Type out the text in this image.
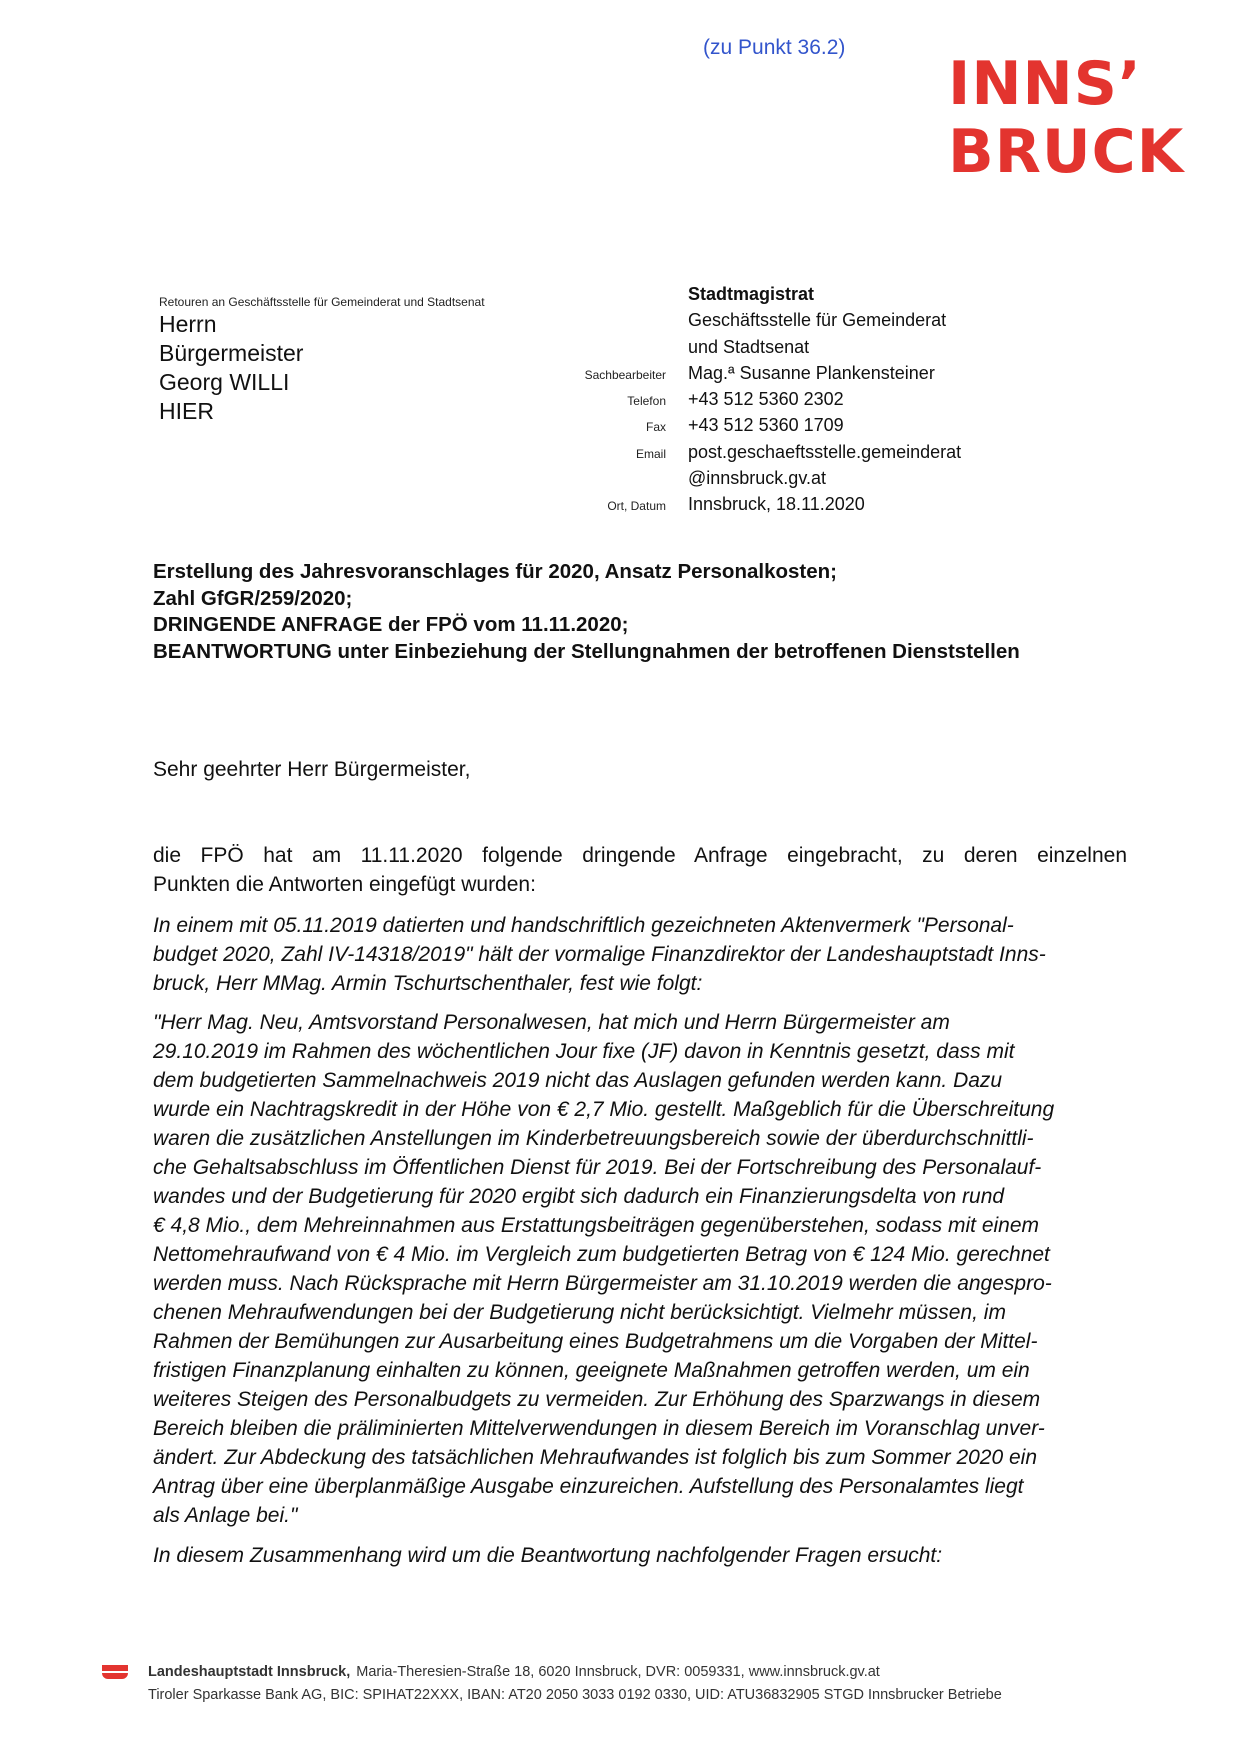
(zu Punkt 36.2)
INNS’
BRUCK
Retouren an Geschäftsstelle für Gemeinderat und Stadtsenat
Herrn
Bürgermeister
Georg WILLI
HIER
Stadtmagistrat
Geschäftsstelle für Gemeinderat
und Stadtsenat
Sachbearbeiter	Mag.ª Susanne Plankensteiner
Telefon	+43 512 5360 2302
Fax	+43 512 5360 1709
Email	post.geschaeftsstelle.gemeinderat
@innsbruck.gv.at
Ort, Datum	Innsbruck, 18.11.2020
Erstellung des Jahresvoranschlages für 2020, Ansatz Personalkosten;
Zahl GfGR/259/2020;
DRINGENDE ANFRAGE der FPÖ vom 11.11.2020;
BEANTWORTUNG unter Einbeziehung der Stellungnahmen der betroffenen Dienststellen
Sehr geehrter Herr Bürgermeister,
die FPÖ hat am 11.11.2020 folgende dringende Anfrage eingebracht, zu deren einzelnen
Punkten die Antworten eingefügt wurden:
In einem mit 05.11.2019 datierten und handschriftlich gezeichneten Aktenvermerk "Personal-
budget 2020, Zahl IV-14318/2019" hält der vormalige Finanzdirektor der Landeshauptstadt Inns-
bruck, Herr MMag. Armin Tschurtschenthaler, fest wie folgt:
"Herr Mag. Neu, Amtsvorstand Personalwesen, hat mich und Herrn Bürgermeister am
29.10.2019 im Rahmen des wöchentlichen Jour fixe (JF) davon in Kenntnis gesetzt, dass mit
dem budgetierten Sammelnachweis 2019 nicht das Auslagen gefunden werden kann. Dazu
wurde ein Nachtragskredit in der Höhe von € 2,7 Mio. gestellt. Maßgeblich für die Überschreitung
waren die zusätzlichen Anstellungen im Kinderbetreuungsbereich sowie der überdurchschnittli-
che Gehaltsabschluss im Öffentlichen Dienst für 2019. Bei der Fortschreibung des Personalauf-
wandes und der Budgetierung für 2020 ergibt sich dadurch ein Finanzierungsdelta von rund
€ 4,8 Mio., dem Mehreinnahmen aus Erstattungsbeiträgen gegenüberstehen, sodass mit einem
Nettomehraufwand von € 4 Mio. im Vergleich zum budgetierten Betrag von € 124 Mio. gerechnet
werden muss. Nach Rücksprache mit Herrn Bürgermeister am 31.10.2019 werden die angespro-
chenen Mehraufwendungen bei der Budgetierung nicht berücksichtigt. Vielmehr müssen, im
Rahmen der Bemühungen zur Ausarbeitung eines Budgetrahmens um die Vorgaben der Mittel-
fristigen Finanzplanung einhalten zu können, geeignete Maßnahmen getroffen werden, um ein
weiteres Steigen des Personalbudgets zu vermeiden. Zur Erhöhung des Sparzwangs in diesem
Bereich bleiben die präliminierten Mittelverwendungen in diesem Bereich im Voranschlag unver-
ändert. Zur Abdeckung des tatsächlichen Mehraufwandes ist folglich bis zum Sommer 2020 ein
Antrag über eine überplanmäßige Ausgabe einzureichen. Aufstellung des Personalamtes liegt
als Anlage bei."
In diesem Zusammenhang wird um die Beantwortung nachfolgender Fragen ersucht:
Landeshauptstadt Innsbruck, Maria-Theresien-Straße 18, 6020 Innsbruck, DVR: 0059331, www.innsbruck.gv.at
Tiroler Sparkasse Bank AG, BIC: SPIHAT22XXX, IBAN: AT20 2050 3033 0192 0330, UID: ATU36832905 STGD Innsbrucker Betriebe
